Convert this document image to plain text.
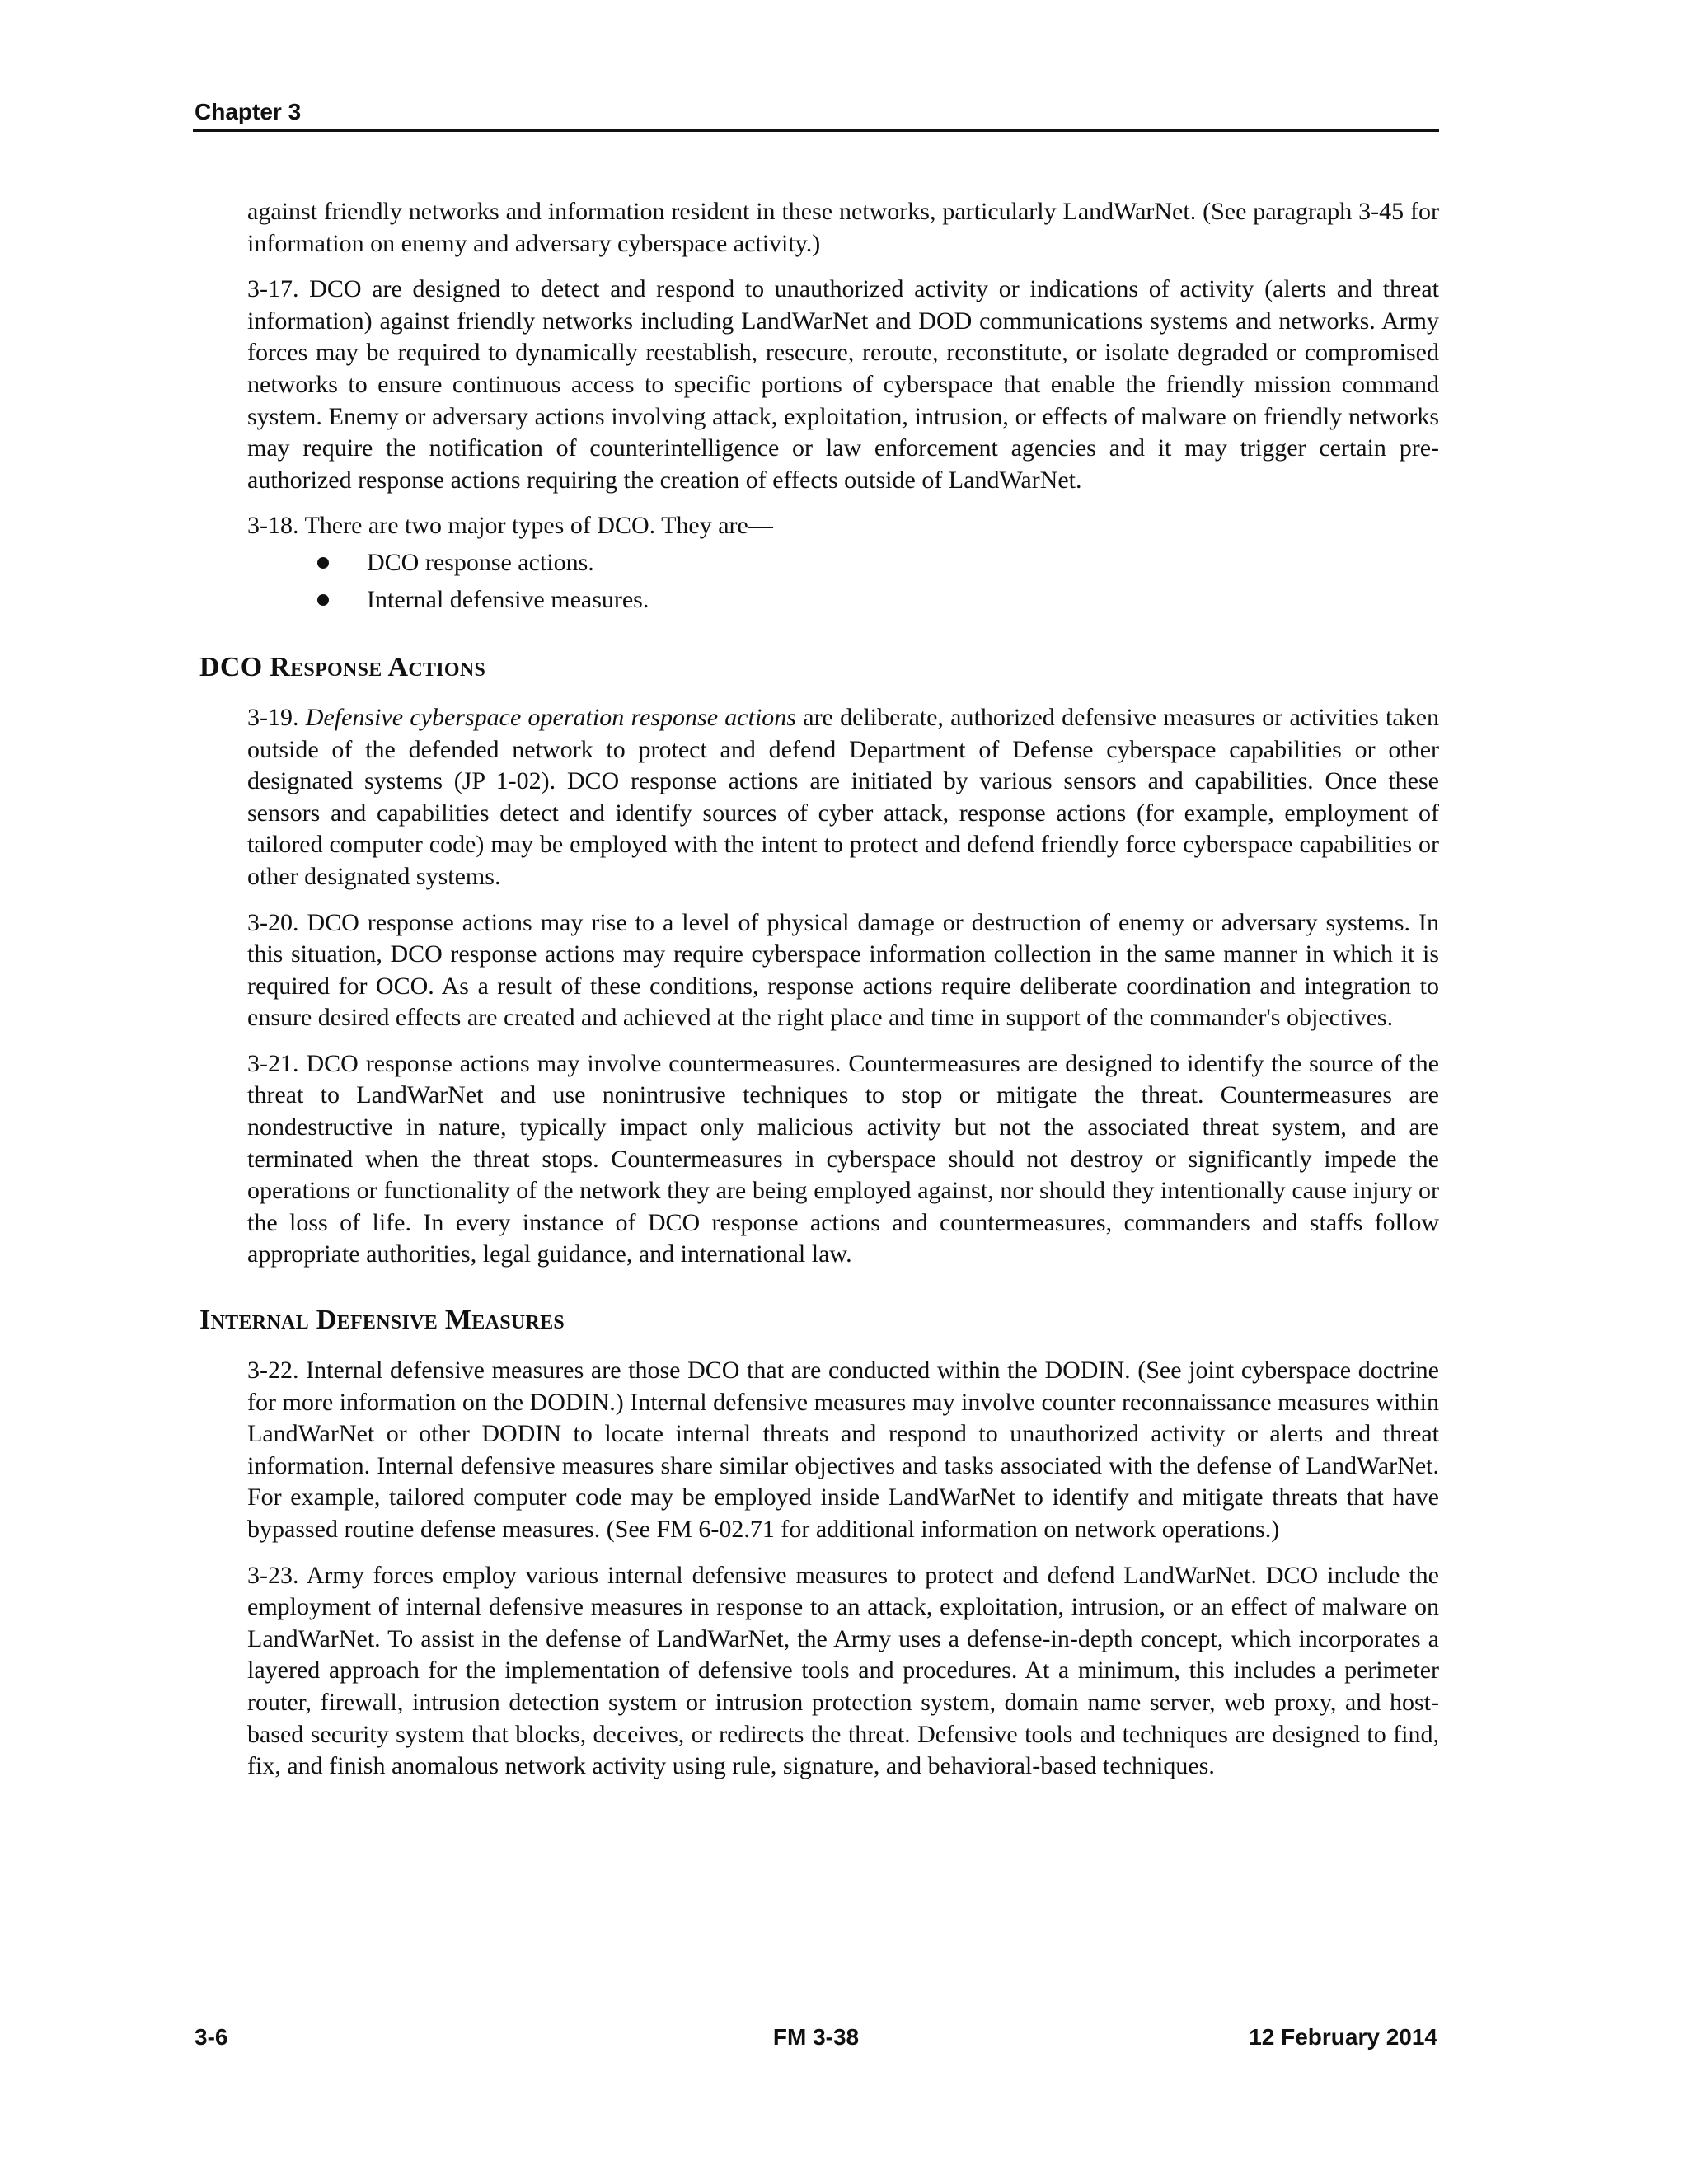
Chapter 3

against friendly networks and information resident in these networks, particularly LandWarNet. (See paragraph 3-45 for information on enemy and adversary cyberspace activity.)

3-17. DCO are designed to detect and respond to unauthorized activity or indications of activity (alerts and threat information) against friendly networks including LandWarNet and DOD communications systems and networks. Army forces may be required to dynamically reestablish, resecure, reroute, reconstitute, or isolate degraded or compromised networks to ensure continuous access to specific portions of cyberspace that enable the friendly mission command system. Enemy or adversary actions involving attack, exploitation, intrusion, or effects of malware on friendly networks may require the notification of counterintelligence or law enforcement agencies and it may trigger certain pre-authorized response actions requiring the creation of effects outside of LandWarNet.

3-18. There are two major types of DCO. They are—

DCO response actions.
Internal defensive measures.
DCO Response Actions

3-19. Defensive cyberspace operation response actions are deliberate, authorized defensive measures or activities taken outside of the defended network to protect and defend Department of Defense cyberspace capabilities or other designated systems (JP 1-02). DCO response actions are initiated by various sensors and capabilities. Once these sensors and capabilities detect and identify sources of cyber attack, response actions (for example, employment of tailored computer code) may be employed with the intent to protect and defend friendly force cyberspace capabilities or other designated systems.

3-20. DCO response actions may rise to a level of physical damage or destruction of enemy or adversary systems. In this situation, DCO response actions may require cyberspace information collection in the same manner in which it is required for OCO. As a result of these conditions, response actions require deliberate coordination and integration to ensure desired effects are created and achieved at the right place and time in support of the commander's objectives.

3-21. DCO response actions may involve countermeasures. Countermeasures are designed to identify the source of the threat to LandWarNet and use nonintrusive techniques to stop or mitigate the threat. Countermeasures are nondestructive in nature, typically impact only malicious activity but not the associated threat system, and are terminated when the threat stops. Countermeasures in cyberspace should not destroy or significantly impede the operations or functionality of the network they are being employed against, nor should they intentionally cause injury or the loss of life. In every instance of DCO response actions and countermeasures, commanders and staffs follow appropriate authorities, legal guidance, and international law.

Internal Defensive Measures

3-22. Internal defensive measures are those DCO that are conducted within the DODIN. (See joint cyberspace doctrine for more information on the DODIN.) Internal defensive measures may involve counter reconnaissance measures within LandWarNet or other DODIN to locate internal threats and respond to unauthorized activity or alerts and threat information. Internal defensive measures share similar objectives and tasks associated with the defense of LandWarNet. For example, tailored computer code may be employed inside LandWarNet to identify and mitigate threats that have bypassed routine defense measures. (See FM 6-02.71 for additional information on network operations.)

3-23. Army forces employ various internal defensive measures to protect and defend LandWarNet. DCO include the employment of internal defensive measures in response to an attack, exploitation, intrusion, or an effect of malware on LandWarNet. To assist in the defense of LandWarNet, the Army uses a defense-in-depth concept, which incorporates a layered approach for the implementation of defensive tools and procedures. At a minimum, this includes a perimeter router, firewall, intrusion detection system or intrusion protection system, domain name server, web proxy, and host-based security system that blocks, deceives, or redirects the threat. Defensive tools and techniques are designed to find, fix, and finish anomalous network activity using rule, signature, and behavioral-based techniques.

3-6	FM 3-38	12 February 2014
